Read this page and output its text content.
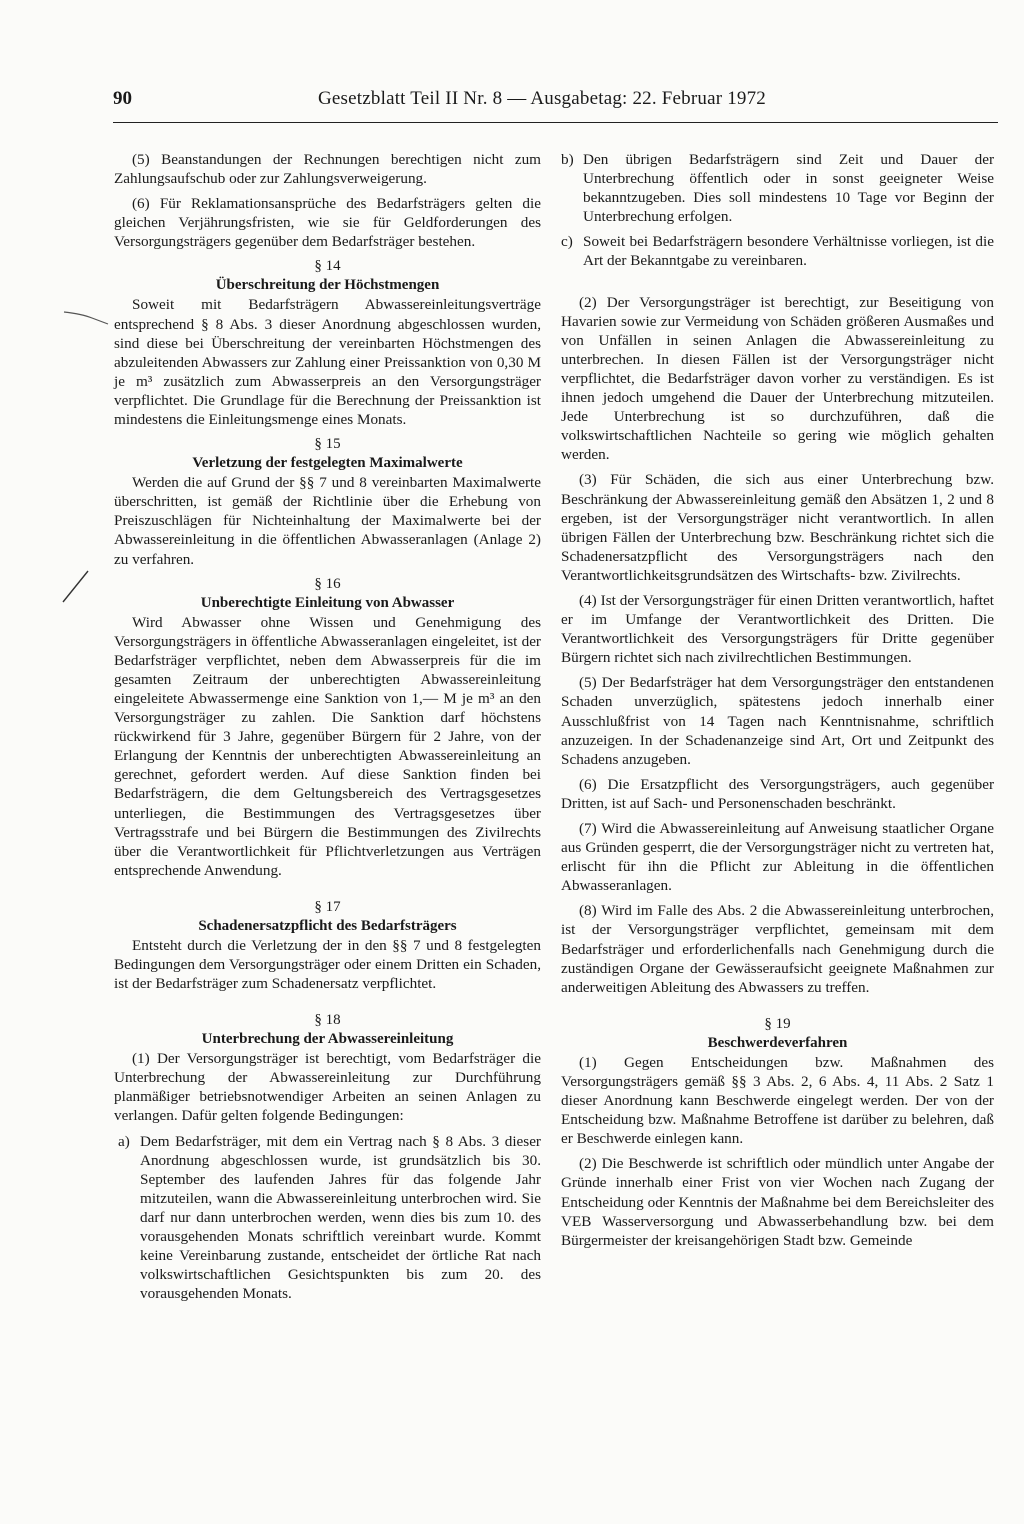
90	Gesetzblatt Teil II Nr. 8 — Ausgabetag: 22. Februar 1972

(5) Beanstandungen der Rechnungen berechtigen nicht zum Zahlungsaufschub oder zur Zahlungsverweigerung.

(6) Für Reklamationsansprüche des Bedarfsträgers gelten die gleichen Verjährungsfristen, wie sie für Geldforderungen des Versorgungsträgers gegenüber dem Bedarfsträger bestehen.

§ 14
Überschreitung der Höchstmengen

Soweit mit Bedarfsträgern Abwassereinleitungsverträge entsprechend § 8 Abs. 3 dieser Anordnung abgeschlossen wurden, sind diese bei Überschreitung der vereinbarten Höchstmengen des abzuleitenden Abwassers zur Zahlung einer Preissanktion von 0,30 M je m³ zusätzlich zum Abwasserpreis an den Versorgungsträger verpflichtet. Die Grundlage für die Berechnung der Preissanktion ist mindestens die Einleitungsmenge eines Monats.

§ 15
Verletzung der festgelegten Maximalwerte

Werden die auf Grund der §§ 7 und 8 vereinbarten Maximalwerte überschritten, ist gemäß der Richtlinie über die Erhebung von Preiszuschlägen für Nichteinhaltung der Maximalwerte bei der Abwassereinleitung in die öffentlichen Abwasseranlagen (Anlage 2) zu verfahren.

§ 16
Unberechtigte Einleitung von Abwasser

Wird Abwasser ohne Wissen und Genehmigung des Versorgungsträgers in öffentliche Abwasseranlagen eingeleitet, ist der Bedarfsträger verpflichtet, neben dem Abwasserpreis für die im gesamten Zeitraum der unberechtigten Abwassereinleitung eingeleitete Abwassermenge eine Sanktion von 1,— M je m³ an den Versorgungsträger zu zahlen. Die Sanktion darf höchstens rückwirkend für 3 Jahre, gegenüber Bürgern für 2 Jahre, von der Erlangung der Kenntnis der unberechtigten Abwassereinleitung an gerechnet, gefordert werden. Auf diese Sanktion finden bei Bedarfsträgern, die dem Geltungsbereich des Vertragsgesetzes unterliegen, die Bestimmungen des Vertragsgesetzes über Vertragsstrafe und bei Bürgern die Bestimmungen des Zivilrechts über die Verantwortlichkeit für Pflichtverletzungen aus Verträgen entsprechende Anwendung.

§ 17
Schadenersatzpflicht des Bedarfsträgers

Entsteht durch die Verletzung der in den §§ 7 und 8 festgelegten Bedingungen dem Versorgungsträger oder einem Dritten ein Schaden, ist der Bedarfsträger zum Schadenersatz verpflichtet.

§ 18
Unterbrechung der Abwassereinleitung

(1) Der Versorgungsträger ist berechtigt, vom Bedarfsträger die Unterbrechung der Abwassereinleitung zur Durchführung planmäßiger betriebsnotwendiger Arbeiten an seinen Anlagen zu verlangen. Dafür gelten folgende Bedingungen:

a) Dem Bedarfsträger, mit dem ein Vertrag nach § 8 Abs. 3 dieser Anordnung abgeschlossen wurde, ist grundsätzlich bis 30. September des laufenden Jahres für das folgende Jahr mitzuteilen, wann die Abwassereinleitung unterbrochen wird. Sie darf nur dann unterbrochen werden, wenn dies bis zum 10. des vorausgehenden Monats schriftlich vereinbart wurde. Kommt keine Vereinbarung zustande, entscheidet der örtliche Rat nach volkswirtschaftlichen Gesichtspunkten bis zum 20. des vorausgehenden Monats.
b) Den übrigen Bedarfsträgern sind Zeit und Dauer der Unterbrechung öffentlich oder in sonst geeigneter Weise bekanntzugeben. Dies soll mindestens 10 Tage vor Beginn der Unterbrechung erfolgen.
c) Soweit bei Bedarfsträgern besondere Verhältnisse vorliegen, ist die Art der Bekanntgabe zu vereinbaren.

(2) Der Versorgungsträger ist berechtigt, zur Beseitigung von Havarien sowie zur Vermeidung von Schäden größeren Ausmaßes und von Unfällen in seinen Anlagen die Abwassereinleitung zu unterbrechen. In diesen Fällen ist der Versorgungsträger nicht verpflichtet, die Bedarfsträger davon vorher zu verständigen. Es ist ihnen jedoch umgehend die Dauer der Unterbrechung mitzuteilen. Jede Unterbrechung ist so durchzuführen, daß die volkswirtschaftlichen Nachteile so gering wie möglich gehalten werden.

(3) Für Schäden, die sich aus einer Unterbrechung bzw. Beschränkung der Abwassereinleitung gemäß den Absätzen 1, 2 und 8 ergeben, ist der Versorgungsträger nicht verantwortlich. In allen übrigen Fällen der Unterbrechung bzw. Beschränkung richtet sich die Schadenersatzpflicht des Versorgungsträgers nach den Verantwortlichkeitsgrundsätzen des Wirtschafts- bzw. Zivilrechts.

(4) Ist der Versorgungsträger für einen Dritten verantwortlich, haftet er im Umfange der Verantwortlichkeit des Dritten. Die Verantwortlichkeit des Versorgungsträgers für Dritte gegenüber Bürgern richtet sich nach zivilrechtlichen Bestimmungen.

(5) Der Bedarfsträger hat dem Versorgungsträger den entstandenen Schaden unverzüglich, spätestens jedoch innerhalb einer Ausschlußfrist von 14 Tagen nach Kenntnisnahme, schriftlich anzuzeigen. In der Schadenanzeige sind Art, Ort und Zeitpunkt des Schadens anzugeben.

(6) Die Ersatzpflicht des Versorgungsträgers, auch gegenüber Dritten, ist auf Sach- und Personenschaden beschränkt.

(7) Wird die Abwassereinleitung auf Anweisung staatlicher Organe aus Gründen gesperrt, die der Versorgungsträger nicht zu vertreten hat, erlischt für ihn die Pflicht zur Ableitung in die öffentlichen Abwasseranlagen.

(8) Wird im Falle des Abs. 2 die Abwassereinleitung unterbrochen, ist der Versorgungsträger verpflichtet, gemeinsam mit dem Bedarfsträger und erforderlichenfalls nach Genehmigung durch die zuständigen Organe der Gewässeraufsicht geeignete Maßnahmen zur anderweitigen Ableitung des Abwassers zu treffen.

§ 19
Beschwerdeverfahren

(1) Gegen Entscheidungen bzw. Maßnahmen des Versorgungsträgers gemäß §§ 3 Abs. 2, 6 Abs. 4, 11 Abs. 2 Satz 1 dieser Anordnung kann Beschwerde eingelegt werden. Der von der Entscheidung bzw. Maßnahme Betroffene ist darüber zu belehren, daß er Beschwerde einlegen kann.

(2) Die Beschwerde ist schriftlich oder mündlich unter Angabe der Gründe innerhalb einer Frist von vier Wochen nach Zugang der Entscheidung oder Kenntnis der Maßnahme bei dem Bereichsleiter des VEB Wasserversorgung und Abwasserbehandlung bzw. bei dem Bürgermeister der kreisangehörigen Stadt bzw. Gemeinde
